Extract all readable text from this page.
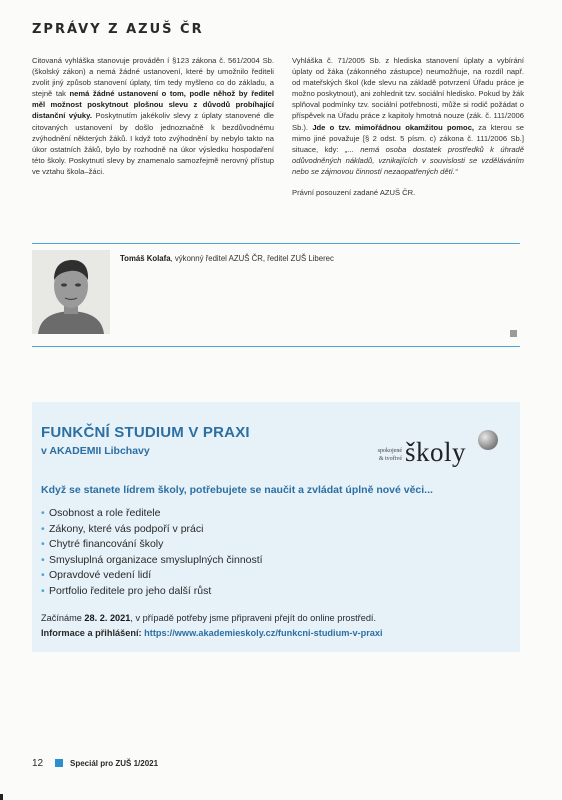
ZPRÁVY Z AZUŠ ČR

Citovaná vyhláška stanovuje prováděn í §123 zákona č. 561/2004 Sb. (školský zákon) a nemá žádné ustanovení, které by umožnilo řediteli zvolit jiný způsob stanovení úplaty, tím tedy myšleno co do základu, a stejně tak nemá žádné ustanovení o tom, podle něhož by ředitel měl možnost poskytnout plošnou slevu z důvodů probíhající distanční výuky. Poskytnutím jakékoliv slevy z úplaty stanovené dle citovaných ustanovení by došlo jednoznačně k bezdůvodnému zvýhodnění některých žáků. I když toto zvýhodnění by nebylo takto na úkor ostatních žáků, bylo by rozhodně na úkor výsledku hospodaření této školy. Poskytnutí slevy by znamenalo samozřejmě nerovný přístup ve vztahu škola–žáci.

Vyhláška č. 71/2005 Sb. z hlediska stanovení úplaty a vybírání úplaty od žáka (zákonného zástupce) neumožňuje, na rozdíl např. od mateřských škol (kde slevu na základě potvrzení Úřadu práce je možno poskytnout), ani zohlednit tzv. sociální hledisko. Pokud by žák splňoval podmínky tzv. sociální potřebnosti, může si rodič požádat o příspěvek na Úřadu práce z kapitoly hmotná nouze (zák. č. 111/2006 Sb.). Jde o tzv. mimořádnou okamžitou pomoc, za kterou se mimo jiné považuje [§ 2 odst. 5 písm. c) zákona č. 111/2006 Sb.] situace, kdy: „... nemá osoba dostatek prostředků k úhradě odůvodněných nákladů, vznikajících v souvislosti se vzděláváním nebo se zájmovou činností nezaopatřených dětí.“

Právní posouzení zadané AZUŠ ČR.

Tomáš Kolafa, výkonný ředitel AZUŠ ČR, ředitel ZUŠ Liberec
FUNKČNÍ STUDIUM V PRAXI
v AKADEMII Libchavy	spokojené
& tvořivé školy
Když se stanete lídrem školy, potřebujete se naučit a zvládat úplně nové věci...
• Osobnost a role ředitele
• Zákony, které vás podpoří v práci
• Chytré financování školy
• Smysluplná organizace smysluplných činností
• Opravdové vedení lidí
• Portfolio ředitele pro jeho další růst
Začínáme 28. 2. 2021, v případě potřeby jsme připraveni přejít do online prostředí.
Informace a přihlášení: https://www.akademieskoly.cz/funkcni-studium-v-praxi
12	Speciál pro ZUŠ 1/2021
